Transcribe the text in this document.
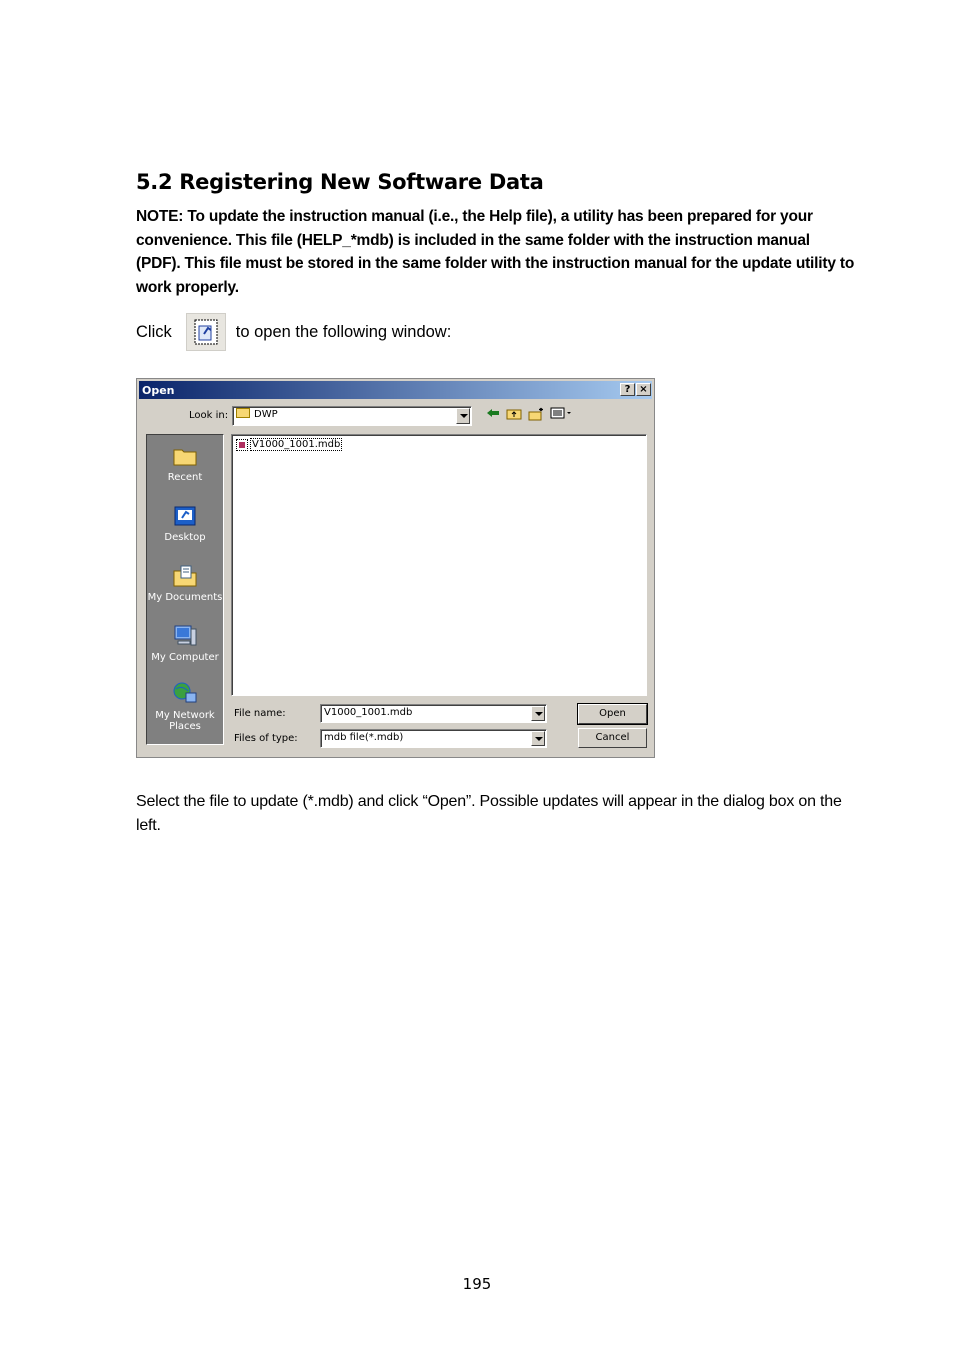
5.2 Registering New Software Data

NOTE: To update the instruction manual (i.e., the Help file), a utility has been prepared for your convenience. This file (HELP_*mdb) is included in the same folder with the instruction manual (PDF). This file must be stored in the same folder with the instruction manual for the update utility to work properly.

Click	to open the following window:
Open	? ×
Look in:	DWP
Recent
Desktop
My Documents
My Computer
My Network Places
V1000_1001.mdb
File name:	V1000_1001.mdb
Files of type:	mdb file(*.mdb)
Open
Cancel

Select the file to update (*.mdb) and click “Open”. Possible updates will appear in the dialog box on the left.

195
